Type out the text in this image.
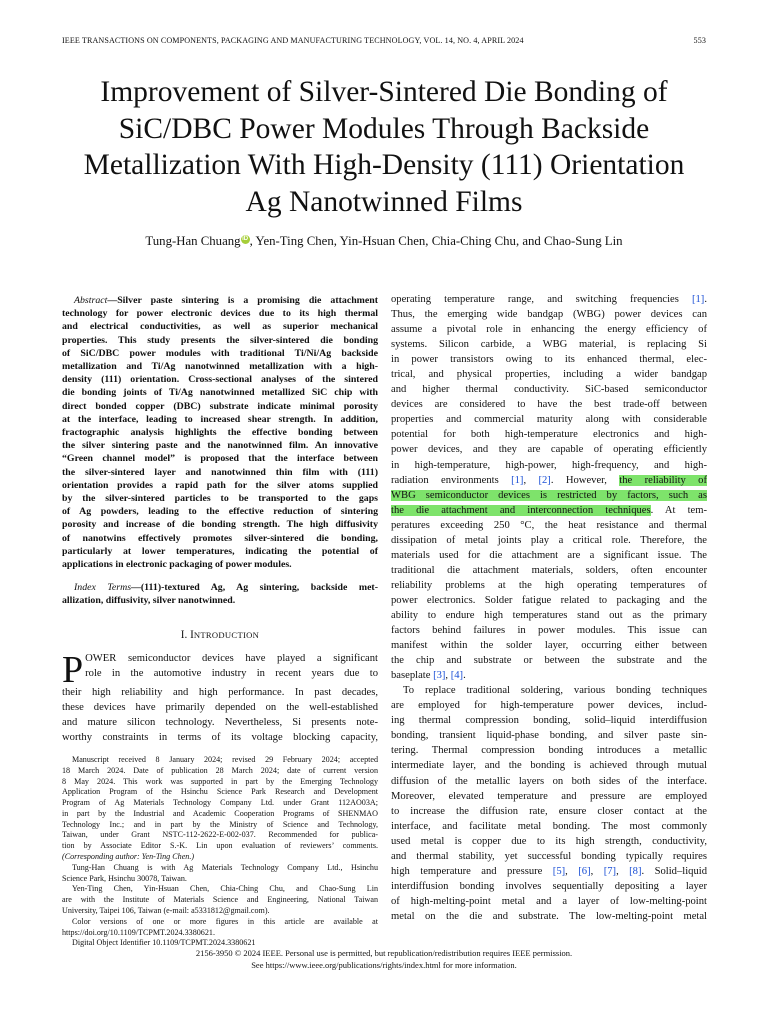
IEEE TRANSACTIONS ON COMPONENTS, PACKAGING AND MANUFACTURING TECHNOLOGY, VOL. 14, NO. 4, APRIL 2024	553
Improvement of Silver-Sintered Die Bonding of
SiC/DBC Power Modules Through Backside
Metallization With High-Density (111) Orientation
Ag Nanotwinned Films
Tung-Han Chuang iD , Yen-Ting Chen, Yin-Hsuan Chen, Chia-Ching Chu, and Chao-Sung Lin
Abstract—Silver paste sintering is a promising die attachment
technology for power electronic devices due to its high thermal
and electrical conductivities, as well as superior mechanical
properties. This study presents the silver-sintered die bonding
of SiC/DBC power modules with traditional Ti/Ni/Ag backside
metallization and Ti/Ag nanotwinned metallization with a high-
density (111) orientation. Cross-sectional analyses of the sintered
die bonding joints of Ti/Ag nanotwinned metallized SiC chip with
direct bonded copper (DBC) substrate indicate minimal porosity
at the interface, leading to increased shear strength. In addition,
fractographic analysis highlights the effective bonding between
the silver sintering paste and the nanotwinned film. An innovative
“Green channel model” is proposed that the interface between
the silver-sintered layer and nanotwinned thin film with (111)
orientation provides a rapid path for the silver atoms supplied
by the silver-sintered particles to be transported to the gaps
of Ag powders, leading to the effective reduction of sintering
porosity and increase of die bonding strength. The high diffusivity
of nanotwins effectively promotes silver-sintered die bonding,
particularly at lower temperatures, indicating the potential of
applications in electronic packaging of power modules.
Index Terms—(111)-textured Ag, Ag sintering, backside met-
allization, diffusivity, silver nanotwinned.
I. INTRODUCTION
P OWER semiconductor devices have played a significant
role in the automotive industry in recent years due to
their high reliability and high performance. In past decades,
these devices have primarily depended on the well-established
and mature silicon technology. Nevertheless, Si presents note-
worthy constraints in terms of its voltage blocking capacity,
Manuscript received 8 January 2024; revised 29 February 2024; accepted
18 March 2024. Date of publication 28 March 2024; date of current version
8 May 2024. This work was supported in part by the Emerging Technology
Application Program of the Hsinchu Science Park Research and Development
Program of Ag Materials Technology Company Ltd. under Grant 112AO03A;
in part by the Industrial and Academic Cooperation Programs of SHENMAO
Technology Inc.; and in part by the Ministry of Science and Technology,
Taiwan, under Grant NSTC-112-2622-E-002-037. Recommended for publica-
tion by Associate Editor S.-K. Lin upon evaluation of reviewers’ comments.
(Corresponding author: Yen-Ting Chen.)
Tung-Han Chuang is with Ag Materials Technology Company Ltd., Hsinchu
Science Park, Hsinchu 30078, Taiwan.
Yen-Ting Chen, Yin-Hsuan Chen, Chia-Ching Chu, and Chao-Sung Lin
are with the Institute of Materials Science and Engineering, National Taiwan
University, Taipei 106, Taiwan (e-mail: a5331812@gmail.com).
Color versions of one or more figures in this article are available at
https://doi.org/10.1109/TCPMT.2024.3380621.
Digital Object Identifier 10.1109/TCPMT.2024.3380621
operating temperature range, and switching frequencies [1].
Thus, the emerging wide bandgap (WBG) power devices can
assume a pivotal role in enhancing the energy efficiency of
systems. Silicon carbide, a WBG material, is replacing Si
in power transistors owing to its enhanced thermal, elec-
trical, and physical properties, including a wider bandgap
and higher thermal conductivity. SiC-based semiconductor
devices are considered to have the best trade-off between
properties and commercial maturity along with considerable
potential for both high-temperature electronics and high-
power devices, and they are capable of operating efficiently
in high-temperature, high-power, high-frequency, and high-
radiation environments [1], [2]. However, the reliability of
WBG semiconductor devices is restricted by factors, such as
the die attachment and interconnection techniques. At tem-
peratures exceeding 250 °C, the heat resistance and thermal
dissipation of metal joints play a critical role. Therefore, the
materials used for die attachment are a significant issue. The
traditional die attachment materials, solders, often encounter
reliability problems at the high operating temperatures of
power electronics. Solder fatigue related to packaging and the
ability to endure high temperatures stand out as the primary
factors behind failures in power modules. This issue can
manifest within the solder layer, occurring either between
the chip and substrate or between the substrate and the
baseplate [3], [4].
To replace traditional soldering, various bonding techniques
are employed for high-temperature power devices, includ-
ing thermal compression bonding, solid–liquid interdiffusion
bonding, transient liquid-phase bonding, and silver paste sin-
tering. Thermal compression bonding introduces a metallic
intermediate layer, and the bonding is achieved through mutual
diffusion of the metallic layers on both sides of the interface.
Moreover, elevated temperature and pressure are employed
to increase the diffusion rate, ensure closer contact at the
interface, and facilitate metal bonding. The most commonly
used metal is copper due to its high strength, conductivity,
and thermal stability, yet successful bonding typically requires
high temperature and pressure [5], [6], [7], [8]. Solid–liquid
interdiffusion bonding involves sequentially depositing a layer
of high-melting-point metal and a layer of low-melting-point
metal on the die and substrate. The low-melting-point metal
2156-3950 © 2024 IEEE. Personal use is permitted, but republication/redistribution requires IEEE permission.
See https://www.ieee.org/publications/rights/index.html for more information.
